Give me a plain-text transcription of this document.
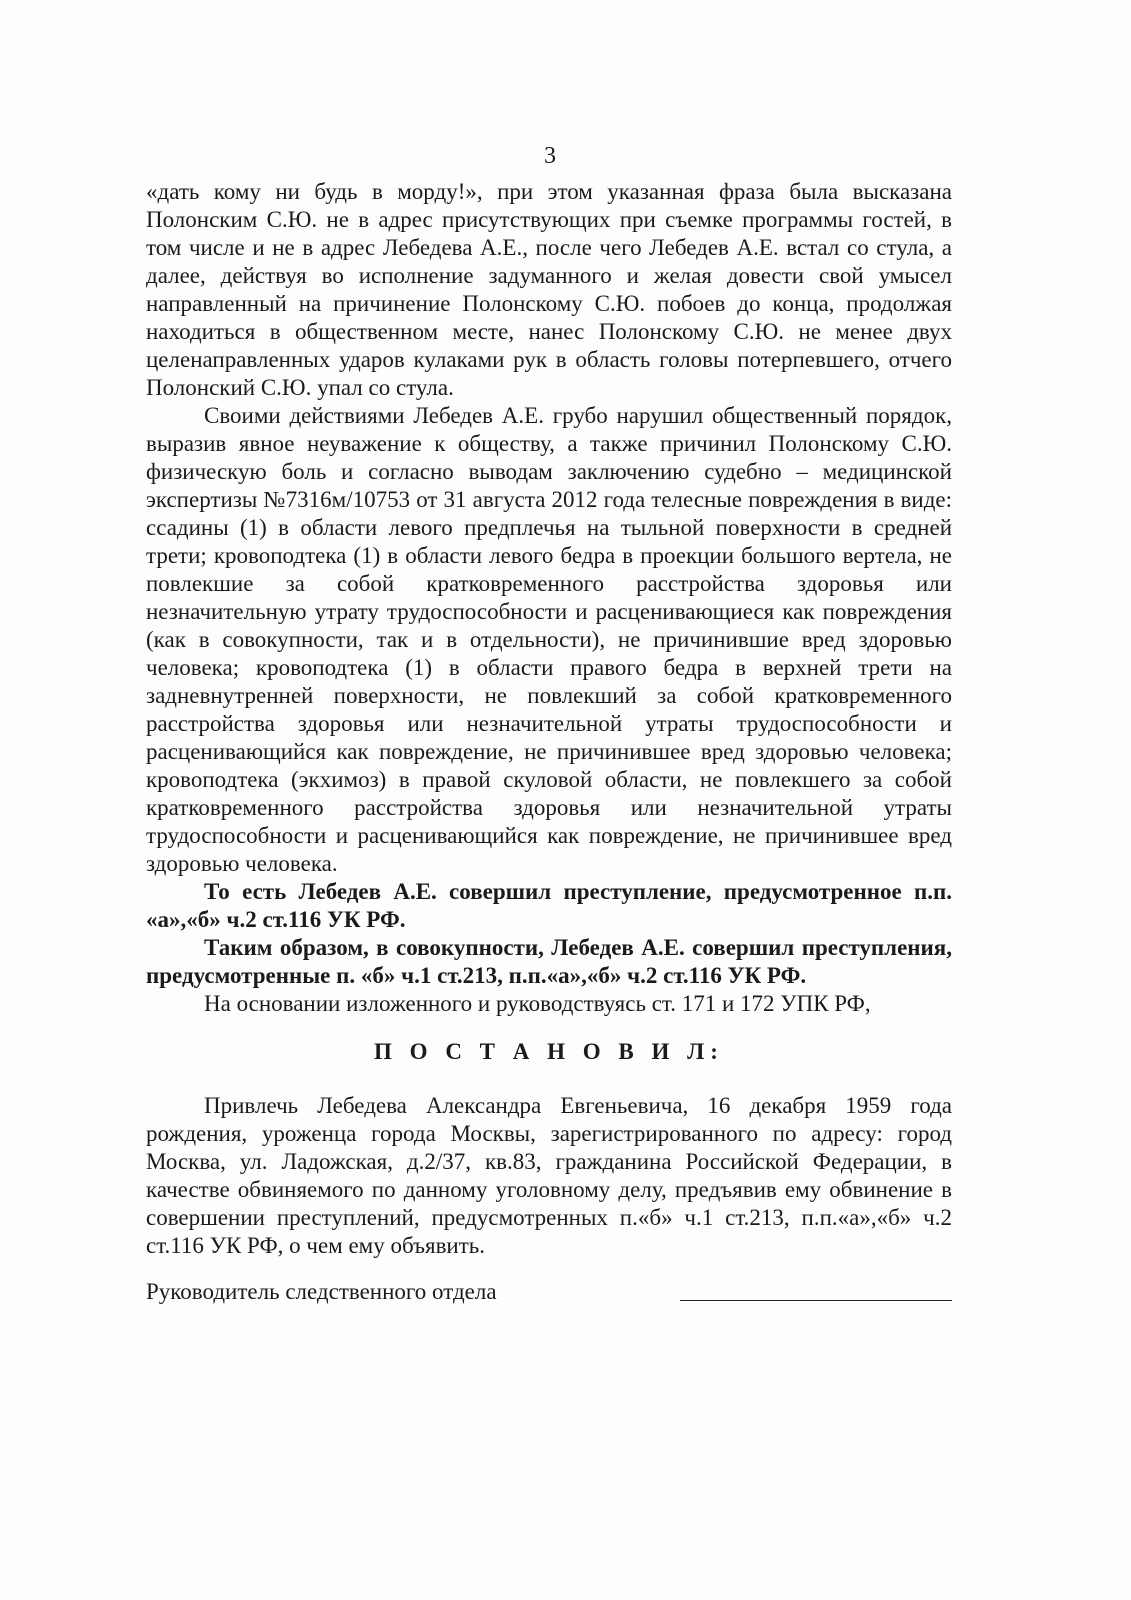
3

«дать кому ни будь в морду!», при этом указанная фраза была высказана Полонским С.Ю. не в адрес присутствующих при съемке программы гостей, в том числе и не в адрес Лебедева А.Е., после чего Лебедев А.Е. встал со стула, а далее, действуя во исполнение задуманного и желая довести свой умысел направленный на причинение Полонскому С.Ю. побоев до конца, продолжая находиться в общественном месте, нанес Полонскому С.Ю. не менее двух целенаправленных ударов кулаками рук в область головы потерпевшего, отчего Полонский С.Ю. упал со стула.

Своими действиями Лебедев А.Е. грубо нарушил общественный порядок, выразив явное неуважение к обществу, а также причинил Полонскому С.Ю. физическую боль и согласно выводам заключению судебно – медицинской экспертизы №7316м/10753 от 31 августа 2012 года телесные повреждения в виде: ссадины (1) в области левого предплечья на тыльной поверхности в средней трети; кровоподтека (1) в области левого бедра в проекции большого вертела, не повлекшие за собой кратковременного расстройства здоровья или незначительную утрату трудоспособности и расценивающиеся как повреждения (как в совокупности, так и в отдельности), не причинившие вред здоровью человека; кровоподтека (1) в области правого бедра в верхней трети на задневнутренней поверхности, не повлекший за собой кратковременного расстройства здоровья или незначительной утраты трудоспособности и расценивающийся как повреждение, не причинившее вред здоровью человека; кровоподтека (экхимоз) в правой скуловой области, не повлекшего за собой кратковременного расстройства здоровья или незначительной утраты трудоспособности и расценивающийся как повреждение, не причинившее вред здоровью человека.

То есть Лебедев А.Е. совершил преступление, предусмотренное п.п. «а»,«б» ч.2 ст.116 УК РФ.

Таким образом, в совокупности, Лебедев А.Е. совершил преступления, предусмотренные п. «б» ч.1 ст.213, п.п.«а»,«б» ч.2 ст.116 УК РФ.

На основании изложенного и руководствуясь ст. 171 и 172 УПК РФ,

П О С Т А Н О В И Л:

Привлечь Лебедева Александра Евгеньевича, 16 декабря 1959 года рождения, уроженца города Москвы, зарегистрированного по адресу: город Москва, ул. Ладожская, д.2/37, кв.83, гражданина Российской Федерации, в качестве обвиняемого по данному уголовному делу, предъявив ему обвинение в совершении преступлений, предусмотренных п.«б» ч.1 ст.213, п.п.«а»,«б» ч.2 ст.116 УК РФ, о чем ему объявить.

Руководитель следственного отдела
